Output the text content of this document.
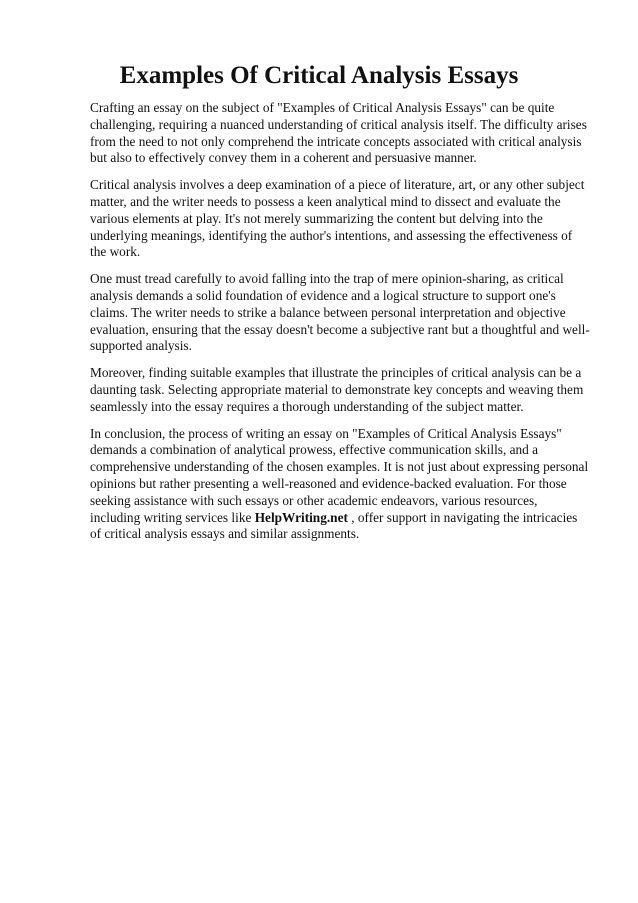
Examples Of Critical Analysis Essays

Crafting an essay on the subject of "Examples of Critical Analysis Essays" can be quite challenging, requiring a nuanced understanding of critical analysis itself. The difficulty arises from the need to not only comprehend the intricate concepts associated with critical analysis but also to effectively convey them in a coherent and persuasive manner.

Critical analysis involves a deep examination of a piece of literature, art, or any other subject matter, and the writer needs to possess a keen analytical mind to dissect and evaluate the various elements at play. It's not merely summarizing the content but delving into the underlying meanings, identifying the author's intentions, and assessing the effectiveness of the work.

One must tread carefully to avoid falling into the trap of mere opinion-sharing, as critical analysis demands a solid foundation of evidence and a logical structure to support one's claims. The writer needs to strike a balance between personal interpretation and objective evaluation, ensuring that the essay doesn't become a subjective rant but a thoughtful and well-supported analysis.

Moreover, finding suitable examples that illustrate the principles of critical analysis can be a daunting task. Selecting appropriate material to demonstrate key concepts and weaving them seamlessly into the essay requires a thorough understanding of the subject matter.

In conclusion, the process of writing an essay on "Examples of Critical Analysis Essays" demands a combination of analytical prowess, effective communication skills, and a comprehensive understanding of the chosen examples. It is not just about expressing personal opinions but rather presenting a well-reasoned and evidence-backed evaluation. For those seeking assistance with such essays or other academic endeavors, various resources, including writing services like HelpWriting.net , offer support in navigating the intricacies of critical analysis essays and similar assignments.
